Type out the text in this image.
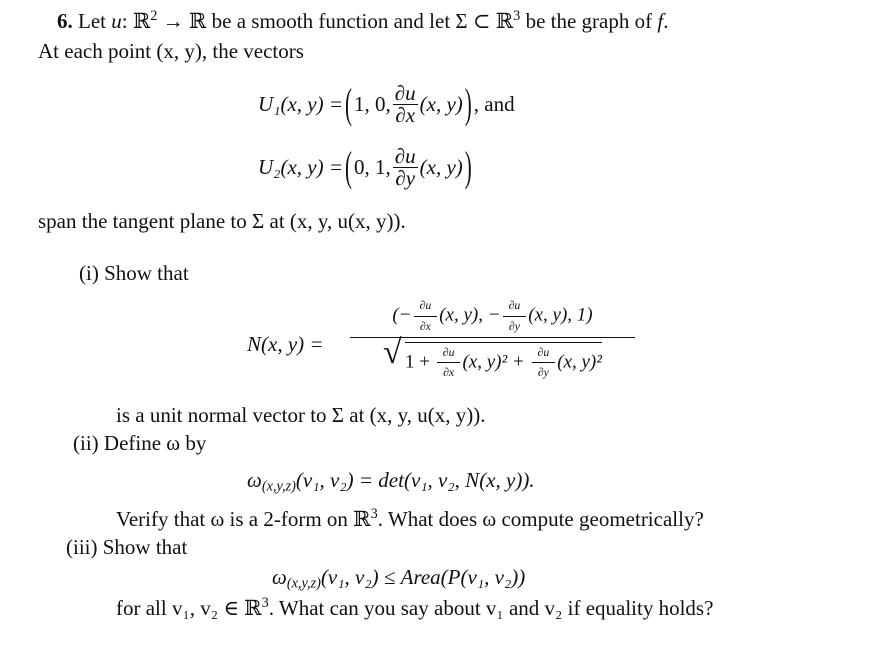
6. Let u: ℝ$^2$ → ℝ be a smooth function and let Σ ⊂ ℝ$^3$ be the graph of f.
At each point (x, y), the vectors
U₁(x, y) = ( 1, 0, $\frac{\partial u}{\partial x} (x$, y) ) , and
U₂(x, y) = ( 0, 1, $\frac{\partial u}{\partial y} (x$, y) )
span the tangent plane to Σ at (x, y, u(x, y)).
(i) Show that
N(x, $y) = \frac{(- \frac{\partial u}{\partial x} (x, y), - \frac{\partial u}{\partial y} (x, y), 1)}{√ 1 + \frac{\partial u}{\partial x} (x, y)^2 + \frac{\partial u}{\partial y} (x, y)^2}$
is a unit normal vector to Σ at (x, y, u(x, y)).
(ii) Define ω by
$\omega_{(x,y,z)}(v_1$, v₂) = det(v₁, v₂, N(x, y)).
Verify that ω is a 2-form on ℝ$^3$. What does ω compute geometrically?
(iii) Show that
$\omega_{(x,y,z)}(v_1$, v₂) ≤ Area(P(v₁, v₂))
for all v₁, v₂ ∈ ℝ$^3$. What can you say about v₁ and v₂ if equality holds?
